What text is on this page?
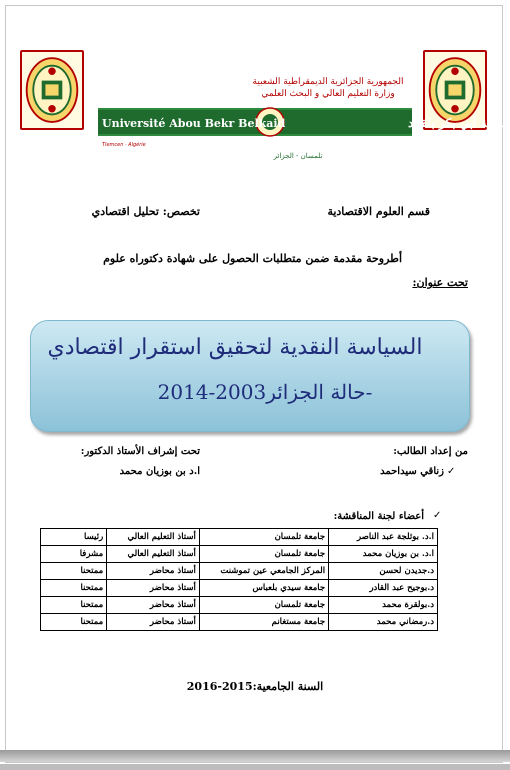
الجمهورية الجزائرية الديمقراطية الشعبية
وزارة التعليم العالي و البحث العلمي
Université Abou Bekr Belkaid	جامعة أبي بكر بلقايد
Tlemcen · Algérie
تلمسان - الجزائر
قسم العلوم الاقتصادية
تخصص: تحليل اقتصادي
أطروحة مقدمة ضمن متطلبات الحصول على شهادة دكتوراه علوم
تحت عنوان:
السياسة النقدية لتحقيق استقرار اقتصادي
-حالة الجزائر2003-2014
من إعداد الطالب:
تحت إشراف الأستاذ الدكتور:
✓
زناقي سيداحمد
ا.د بن بوزيان محمد
✓
أعضاء لجنة المناقشة:
ا.د. بوثلجة عبد الناصر	جامعة تلمسان	أستاذ التعليم العالي	رئيسا
ا.د. بن بوزيان محمد	جامعة تلمسان	أستاذ التعليم العالي	مشرفا
د.جديدن لحسن	المركز الجامعي عين تموشنت	أستاذ محاضر	ممتحنا
د.بوجيح عبد القادر	جامعة سيدي بلعباس	أستاذ محاضر	ممتحنا
د.بولقرة محمد	جامعة تلمسان	أستاذ محاضر	ممتحنا
د.رمضاني محمد	جامعة مستغانم	أستاذ محاضر	ممتحنا
السنة الجامعية:2015-2016
